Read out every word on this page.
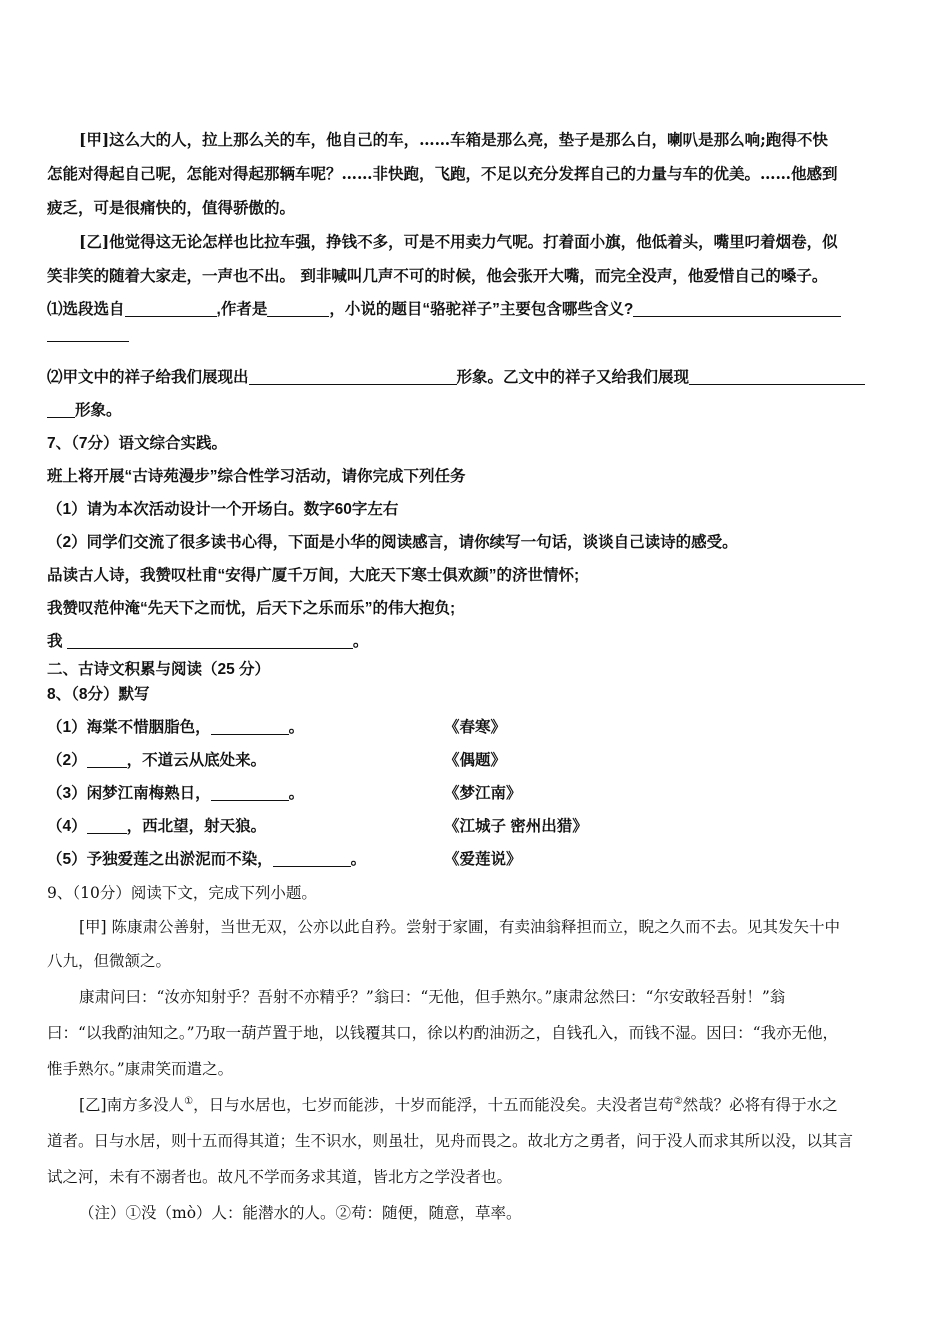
[甲]这么大的人，拉上那么关的车，他自己的车，……车箱是那么亮，垫子是那么白，喇叭是那么响;跑得不快
怎能对得起自己呢，怎能对得起那辆车呢？……非快跑，飞跑，不足以充分发挥自己的力量与车的优美。……他感到
疲乏，可是很痛快的，值得骄傲的。
[乙]他觉得这无论怎样也比拉车强，挣钱不多，可是不用卖力气呢。打着面小旗，他低着头，嘴里叼着烟卷，似
笑非笑的随着大家走，一声也不出。 到非喊叫几声不可的时候，他会张开大嘴，而完全没声，他爱惜自己的嗓子。
⑴选段选自	,作者是	，小说的题目“骆驼祥子”主要包含哪些含义?
⑵甲文中的祥子给我们展现出	形象。乙文中的祥子又给我们展现
形象。
7、（7分）语文综合实践。
班上将开展“古诗苑漫步”综合性学习活动，请你完成下列任务
（1）请为本次活动设计一个开场白。数字60字左右
（2）同学们交流了很多读书心得，下面是小华的阅读感言，请你续写一句话，谈谈自己读诗的感受。
品读古人诗，我赞叹杜甫“安得广厦千万间，大庇天下寒士俱欢颜”的济世情怀;
我赞叹范仲淹“先天下之而忧，后天下之乐而乐”的伟大抱负;
我	。
二、古诗文积累与阅读（25 分）
8、（8分）默写
（1）海棠不惜胭脂色，	。	《春寒》
（2）	，不道云从底处来。	《偶题》
（3）闲梦江南梅熟日，	。	《梦江南》
（4）	，西北望，射天狼。	《江城子 密州出猎》
（5）予独爱莲之出淤泥而不染，	。	《爱莲说》
9、（10分）阅读下文，完成下列小题。
[甲] 陈康肃公善射，当世无双，公亦以此自矜。尝射于家圃，有卖油翁释担而立，睨之久而不去。见其发矢十中
八九，但微颔之。
康肃问曰：“汝亦知射乎？吾射不亦精乎？”翁曰：“无他，但手熟尔。”康肃忿然曰：“尔安敢轻吾射！”翁
曰：“以我酌油知之。”乃取一葫芦置于地，以钱覆其口，徐以杓酌油沥之，自钱孔入，而钱不湿。因曰：“我亦无他，
惟手熟尔。”康肃笑而遣之。
[乙]南方多没人①，日与水居也，七岁而能涉，十岁而能浮，十五而能没矣。夫没者岂苟②然哉？必将有得于水之
道者。日与水居，则十五而得其道；生不识水，则虽壮，见舟而畏之。故北方之勇者，问于没人而求其所以没，以其言
试之河，未有不溺者也。故凡不学而务求其道，皆北方之学没者也。
（注）①没（mò）人：能潜水的人。②苟：随便，随意，草率。
